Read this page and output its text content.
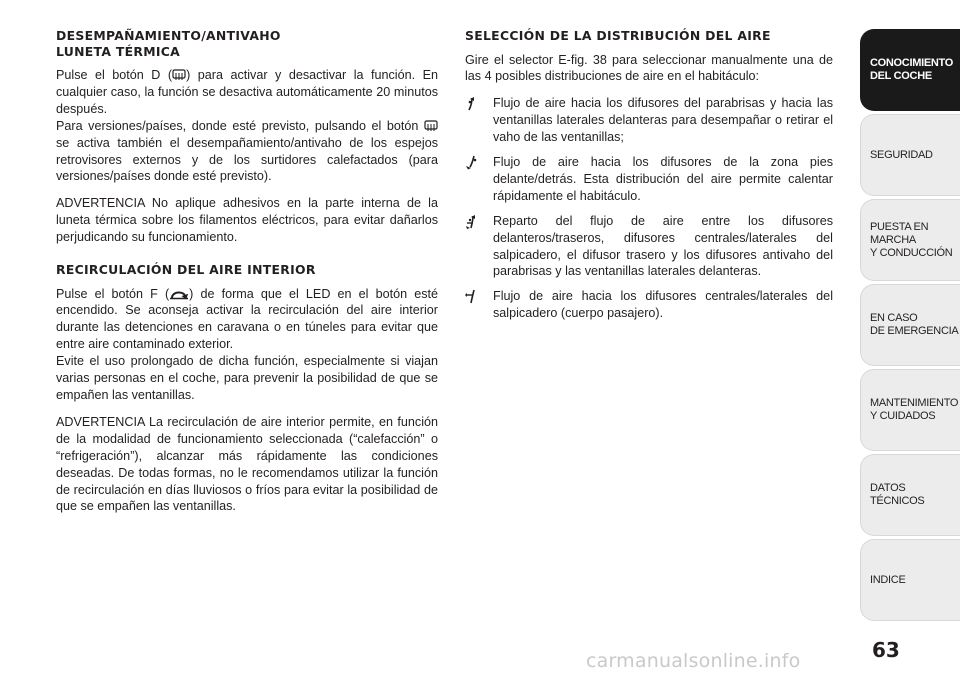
DESEMPAÑAMIENTO/ANTIVAHO
LUNETA TÉRMICA

Pulse el botón D ( ) para activar y desactivar la función. En cualquier caso, la función se desactiva automáticamente 20 minutos después.

Para versiones/países, donde esté previsto, pulsando el botón  se activa también el desempañamiento/antivaho de los espejos retrovisores externos y de los surtidores calefactados (para versiones/países donde esté previsto).

ADVERTENCIA No aplique adhesivos en la parte interna de la luneta térmica sobre los filamentos eléctricos, para evitar dañarlos perjudicando su funcionamiento.

RECIRCULACIÓN DEL AIRE INTERIOR

Pulse el botón F ( ) de forma que el LED en el botón esté encendido. Se aconseja activar la recirculación del aire interior durante las detenciones en caravana o en túneles para evitar que entre aire contaminado exterior.

Evite el uso prolongado de dicha función, especialmente si viajan varias personas en el coche, para prevenir la posibilidad de que se empañen las ventanillas.

ADVERTENCIA La recirculación de aire interior permite, en función de la modalidad de funcionamiento seleccionada (“calefacción” o “refrigeración”), alcanzar más rápidamente las condiciones deseadas. De todas formas, no le recomendamos utilizar la función de recirculación en días lluviosos o fríos para evitar la posibilidad de que se empañen las ventanillas.

SELECCIÓN DE LA DISTRIBUCIÓN DEL AIRE

Gire el selector E-fig. 38 para seleccionar manualmente una de las 4 posibles distribuciones de aire en el habitáculo:

Flujo de aire hacia los difusores del parabrisas y hacia las ventanillas laterales delanteras para desempañar o retirar el vaho de las ventanillas;
Flujo de aire hacia los difusores de la zona pies delante/detrás. Esta distribución del aire permite calentar rápidamente el habitáculo.
Reparto del flujo de aire entre los difusores delanteros/traseros, difusores centrales/laterales del salpicadero, el difusor trasero y los difusores antivaho del parabrisas y las ventanillas laterales delanteras.
Flujo de aire hacia los difusores centrales/laterales del salpicadero (cuerpo pasajero).
CONOCIMIENTO
DEL COCHE
SEGURIDAD
PUESTA EN MARCHA
Y CONDUCCIÓN
EN CASO
DE EMERGENCIA
MANTENIMIENTO
Y CUIDADOS
DATOS TÉCNICOS
INDICE
63
carmanualsonline.info
